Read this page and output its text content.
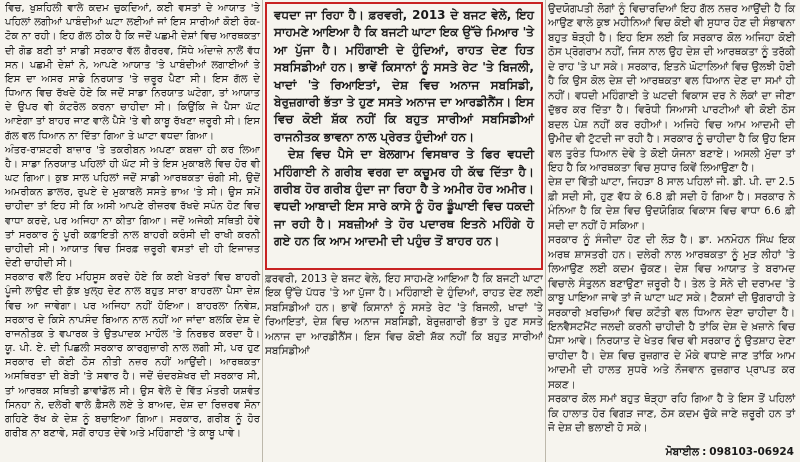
ਵਿਚ, ਖੁਸ਼ਹਿਲੀ ਵਾਲੇ ਕਦਮ ਚੁਕਦਿਆਂ, ਕਈ ਵਸਤਾਂ ਦੇ ਆਯਾਤ 'ਤੇ ਪਹਿਲਾਂ ਲਗੀਆਂ ਪਾਬੰਦੀਆਂ ਘਟਾ ਲਈਆਂ ਜਾਂ ਇਸ ਸਾਰੀਆਂ ਕੋਈ ਰੋਕ-ਟੋਕ ਨਾ ਰਹੀ। ਇਹ ਗੱਲ ਠੀਕ ਹੈ ਕਿ ਜਦੋਂ ਪਛਮੀ ਦੇਸ਼ਾਂ ਵਿਚ ਆਰਥਕਤਾ ਦੀ ਗੋਡ ਬਣੀ ਤਾਂ ਸਾਡੀ ਸਰਕਾਰ ਵੱਲ ਗੈਰਰਵ, ਸਿੱਧੇ ਅੰਦਾਜ਼ੇ ਨਾਲੋਂ ਵੱਧ ਸਨ। ਪਛਮੀ ਦੇਸ਼ਾਂ ਨੇ, ਆਪਣੇ ਆਯਾਤ 'ਤੇ ਪਾਬੰਦੀਆਂ ਲਗਾਈਆਂ ਤੇ ਇਸ ਦਾ ਅਸਰ ਸਾਡੇ ਨਿਰਯਾਤ 'ਤੇ ਜ਼ਰੂਰ ਪੈਣਾ ਸੀ। ਇਸ ਗੱਲ ਦੇ ਧਿਆਨ ਵਿਚ ਰੱਖਦੇ ਹੋਏ ਕਿ ਜਦੋਂ ਸਾਡਾ ਨਿਰਯਾਤ ਘਟੇਗਾ, ਤਾਂ ਆਯਾਤ ਦੇ ਉਪਰ ਵੀ ਕੰਟਰੋਲ ਕਰਨਾ ਚਾਹੀਦਾ ਸੀ। ਕਿਉਂਕਿ ਜੇ ਪੈਸਾ ਘੱਟ ਆਏਗਾ ਤਾਂ ਬਾਹਰ ਜਾਣ ਵਾਲੇ ਪੈਸੇ 'ਤੇ ਵੀ ਕਾਬੂ ਰੱਖਣਾ ਜ਼ਰੂਰੀ ਸੀ। ਇਸ ਗੱਲ ਵਲ ਧਿਆਨ ਨਾ ਦਿੱਤਾ ਗਿਆ ਤੇ ਘਾਟਾ ਵਧਦਾ ਗਿਆ।

ਅੰਤਰ-ਰਾਸ਼ਟਰੀ ਬਾਜ਼ਾਰ 'ਤੇ ਤਕਰੀਬਨ ਅਪਣਾ ਕਬਜ਼ਾ ਹੀ ਕਰ ਲਿਆ ਹੈ। ਸਾਡਾ ਨਿਰਯਾਤ ਪਹਿਲਾਂ ਹੀ ਘੱਟ ਸੀ ਤੇ ਇਸ ਮੁਕਾਬਲੇ ਵਿਚ ਹੋਰ ਵੀ ਘਟ ਗਿਆ। ਕੁਝ ਸਾਲ ਪਹਿਲਾਂ ਜਦੋਂ ਸਾਡੀ ਆਰਥਕਤਾ ਚੰਗੀ ਸੀ, ਉਦੋਂ ਅਮਰੀਕਨ ਡਾਲਰ, ਰੁਪਏ ਦੇ ਮੁਕਾਬਲੇ ਸਸਤੇ ਭਾਅ 'ਤੇ ਸੀ। ਉਸ ਸਮੇਂ ਚਾਹੀਦਾ ਤਾਂ ਇਹ ਸੀ ਕਿ ਅਸੀ ਆਪਣੇ ਰੀਜ਼ਰਵ ਰੱਖਦੇ ਸਪੰਨ ਹੋਣ ਵਿਚ ਵਾਧਾ ਕਰਦੇ, ਪਰ ਅਜਿਹਾ ਨਾ ਕੀਤਾ ਗਿਆ। ਜਦੋਂ ਅਜੇਕੀ ਸਥਿਤੀ ਹੋਵੇ ਤਾਂ ਸਰਕਾਰ ਨੂੰ ਪੂਰੀ ਕਫ਼ਾਇਤੀ ਨਾਲ ਬਾਹਰੀ ਕਰੰਸੀ ਦੀ ਰਾਖੀ ਕਰਨੀ ਚਾਹੀਦੀ ਸੀ। ਆਯਾਤ ਵਿਚ ਸਿਰਫ਼ ਜ਼ਰੂਰੀ ਵਸਤਾਂ ਦੀ ਹੀ ਇਜਾਜ਼ਤ ਦੇਣੀ ਚਾਹੀਦੀ ਸੀ।

ਸਰਕਾਰ ਵਲੋਂ ਇਹ ਮਹਿਸੂਸ ਕਰਦੇ ਹੋਏ ਕਿ ਕਈ ਖੇਤਰਾਂ ਵਿਚ ਬਾਹਰੀ ਪੂੰਜੀ ਲਾਉਣ ਦੀ ਕੁੱਝ ਖੁਲ੍ਹ ਦੇਣ ਨਾਲ ਬਹੁਤ ਸਾਰਾ ਬਾਹਰਲਾ ਪੈਸਾ ਦੇਸ਼ ਵਿਚ ਆ ਜਾਵੇਗਾ। ਪਰ ਅਜਿਹਾ ਨਹੀਂ ਹੋਇਆ। ਬਾਹਰਲਾ ਨਿਵੇਸ਼, ਸਰਕਾਰ ਦੇ ਕਿਸੇ ਨਾਪਸੰਦ ਬਿਆਨ ਨਾਲ ਨਹੀਂ ਆ ਜਾਂਦਾ ਬਲਕਿ ਦੇਸ਼ ਦੇ ਰਾਜਨੀਤਕ ਤੇ ਵਪਾਰਕ ਤੇ ਉਤਪਾਦਕ ਮਾਹੌਲ 'ਤੇ ਨਿਰਭਰ ਕਰਦਾ ਹੈ। ਯੂ. ਪੀ. ਏ. ਦੀ ਪਿਛਲੀ ਸਰਕਾਰ ਕਾਰਗੁਜ਼ਾਰੀ ਨਾਲ ਲਗੀ ਸੀ, ਪਰ ਹੁਣ ਸਰਕਾਰ ਦੀ ਕੋਈ ਠੋਸ ਨੀਤੀ ਨਜ਼ਰ ਨਹੀਂ ਆਉਂਦੀ। ਆਰਥਕਤਾ ਅਸਥਿਰਤਾ ਦੀ ਬੇੜੀ 'ਤੇ ਸਵਾਰ ਹੈ। ਜਦੋਂ ਚੰਦਰਸ਼ੇਖਰ ਦੀ ਸਰਕਾਰ ਸੀ, ਤਾਂ ਆਰਥਕ ਸਥਿਤੀ ਡਾਵਾਂਡੋਲ ਸੀ। ਉਸ ਵੇਲੇ ਦੇ ਵਿੱਤ ਮੰਤਰੀ ਯਸ਼ਵੰਤ ਸਿਨਹਾ ਨੇ, ਦਲੇਰੀ ਵਾਲੇ ਫ਼ੈਸਲੇ ਲਏ ਤੇ ਬਾਅਦ, ਦੇਸ਼ ਦਾ ਰਿਜ਼ਰਵ ਸੋਨਾ ਗਹਿਣੇ ਰੱਖ ਕੇ ਦੇਸ਼ ਨੂੰ ਬਚਾਇਆ ਗਿਆ। ਸਰਕਾਰ, ਗਰੀਬ ਨੂੰ ਹੋਰ ਗਰੀਬ ਨਾ ਬਣਾਵੇ, ਸਗੋਂ ਰਾਹਤ ਦੇਵੇ ਅਤੇ ਮਹਿੰਗਾਈ 'ਤੇ ਕਾਬੂ ਪਾਵੇ।

ਵਧਦਾ ਜਾ ਰਿਹਾ ਹੈ। ਫ਼ਰਵਰੀ, 2013 ਦੇ ਬਜਟ ਵੇਲੇ, ਇਹ ਸਾਹਮਣੇ ਆਇਆ ਹੈ ਕਿ ਬਜਟੀ ਘਾਟਾ ਇਕ ਉੱਚੇ ਮਿਆਰ 'ਤੇ ਆ ਪੁੱਜਾ ਹੈ। ਮਹਿੰਗਾਈ ਦੇ ਹੁੰਦਿਆਂ, ਰਾਹਤ ਦੇਣ ਹਿਤ ਸਬਸਿਡੀਆਂ ਹਨ। ਭਾਵੇਂ ਕਿਸਾਨਾਂ ਨੂੰ ਸਸਤੇ ਰੇਟ 'ਤੇ ਬਿਜਲੀ, ਖਾਦਾਂ 'ਤੇ ਰਿਆਇਤਾਂ, ਦੇਸ਼ ਵਿਚ ਅਨਾਜ ਸਬਸਿਡੀ, ਬੇਰੁਜ਼ਗਾਰੀ ਭੱਤਾ ਤੇ ਹੁਣ ਸਸਤੇ ਅਨਾਜ ਦਾ ਆਰਡੀਨੈਂਸ। ਇਸ ਵਿਚ ਕੋਈ ਸ਼ੱਕ ਨਹੀਂ ਕਿ ਬਹੁਤ ਸਾਰੀਆਂ ਸਬਸਿਡੀਆਂ ਰਾਜਨੀਤਕ ਭਾਵਨਾ ਨਾਲ ਪ੍ਰੇਰਤ ਹੁੰਦੀਆਂ ਹਨ।

ਦੇਸ਼ ਵਿਚ ਪੈਸੇ ਦਾ ਬੇਲਗਾਮ ਵਿਸਥਾਰ ਤੇ ਫਿਰ ਵਧਦੀ ਮਹਿੰਗਾਈ ਨੇ ਗਰੀਬ ਵਰਗ ਦਾ ਕਚੂਮਰ ਹੀ ਕੱਢ ਦਿੱਤਾ ਹੈ। ਗਰੀਬ ਹੋਰ ਗਰੀਬ ਹੁੰਦਾ ਜਾ ਰਿਹਾ ਹੈ ਤੇ ਅਮੀਰ ਹੋਰ ਅਮੀਰ। ਵਧਦੀ ਆਬਾਦੀ ਇਸ ਸਾਰੇ ਕਾਸੇ ਨੂੰ ਹੋਰ ਡੂੰਘਾਈ ਵਿਚ ਧਕਦੀ ਜਾ ਰਹੀ ਹੈ। ਸਬਜ਼ੀਆਂ ਤੇ ਹੋਰ ਪਦਾਰਥ ਇਤਨੇ ਮਹਿੰਗੇ ਹੋ ਗਏ ਹਨ ਕਿ ਆਮ ਆਦਮੀ ਦੀ ਪਹੁੰਚ ਤੋਂ ਬਾਹਰ ਹਨ।

ਫ਼ਰਵਰੀ, 2013 ਦੇ ਬਜਟ ਵੇਲੇ, ਇਹ ਸਾਹਮਣੇ ਆਇਆ ਹੈ ਕਿ ਬਜਟੀ ਘਾਟਾ ਇਕ ਉੱਚੇ ਪੱਧਰ 'ਤੇ ਆ ਪੁੱਜਾ ਹੈ। ਮਹਿੰਗਾਈ ਦੇ ਹੁੰਦਿਆਂ, ਰਾਹਤ ਦੇਣ ਲਈ ਸਬਸਿਡੀਆਂ ਹਨ। ਭਾਵੇਂ ਕਿਸਾਨਾਂ ਨੂੰ ਸਸਤੇ ਰੇਟ 'ਤੇ ਬਿਜਲੀ, ਖਾਦਾਂ 'ਤੇ ਰਿਆਇਤਾਂ, ਦੇਸ਼ ਵਿਚ ਅਨਾਜ ਸਬਸਿਡੀ, ਬੇਰੁਜ਼ਗਾਰੀ ਭੱਤਾ ਤੇ ਹੁਣ ਸਸਤੇ ਅਨਾਜ ਦਾ ਆਰਡੀਨੈਂਸ। ਇਸ ਵਿਚ ਕੋਈ ਸ਼ੱਕ ਨਹੀਂ ਕਿ ਬਹੁਤ ਸਾਰੀਆਂ ਸਬਸਿਡੀਆਂ

ਉਦਯੋਗਪਤੀ ਲੋਗਾਂ ਨੂੰ ਵਿਚਾਰਦਿਆਂ ਇਹ ਗੱਲ ਨਜ਼ਰ ਆਉਂਦੀ ਹੈ ਕਿ ਆਉਣ ਵਾਲੇ ਕੁਝ ਮਹੀਨਿਆਂ ਵਿਚ ਕੋਈ ਵੀ ਸੁਧਾਰ ਹੋਣ ਦੀ ਸੰਭਾਵਨਾ ਬਹੁਤ ਥੋੜ੍ਹੀ ਹੈ। ਇਹ ਇਸ ਲਈ ਕਿ ਸਰਕਾਰ ਕੋਲ ਅਜਿਹਾ ਕੋਈ ਠੋਸ ਪ੍ਰੋਗਰਾਮ ਨਹੀਂ, ਜਿਸ ਨਾਲ ਉਹ ਦੇਸ਼ ਦੀ ਆਰਥਕਤਾ ਨੂੰ ਤਰੱਕੀ ਦੇ ਰਾਹ 'ਤੇ ਪਾ ਸਕੇ। ਸਰਕਾਰ, ਇਤਨੇ ਘੋਟਾਲਿਆਂ ਵਿਚ ਉਲਝੀ ਹੋਈ ਹੈ ਕਿ ਉਸ ਕੋਲ ਦੇਸ਼ ਦੀ ਆਰਥਕਤਾ ਵਲ ਧਿਆਨ ਦੇਣ ਦਾ ਸਮਾਂ ਹੀ ਨਹੀਂ। ਵਧਦੀ ਮਹਿੰਗਾਈ ਤੇ ਘਟਦੀ ਵਿਕਾਸ ਦਰ ਨੇ ਲੋਕਾਂ ਦਾ ਜੀਣਾ ਦੁੱਭਰ ਕਰ ਦਿੱਤਾ ਹੈ। ਵਿਰੋਧੀ ਸਿਆਸੀ ਪਾਰਟੀਆਂ ਵੀ ਕੋਈ ਠੋਸ ਬਦਲ ਪੇਸ਼ ਨਹੀਂ ਕਰ ਰਹੀਆਂ। ਅਜਿਹੇ ਵਿਚ ਆਮ ਆਦਮੀ ਦੀ ਉਮੀਦ ਵੀ ਟੁੱਟਦੀ ਜਾ ਰਹੀ ਹੈ। ਸਰਕਾਰ ਨੂੰ ਚਾਹੀਦਾ ਹੈ ਕਿ ਉਹ ਇਸ ਵਲ ਤੁਰੰਤ ਧਿਆਨ ਦੇਵੇ ਤੇ ਕੋਈ ਯੋਜਨਾ ਬਣਾਏ। ਅਸਲੀ ਮੁੱਦਾ ਤਾਂ ਇਹ ਹੈ ਕਿ ਆਰਥਕਤਾ ਵਿਚ ਸੁਧਾਰ ਕਿਵੇਂ ਲਿਆਉਣਾ ਹੈ।

ਦੇਸ਼ ਦਾ ਵਿੱਤੀ ਘਾਟਾ, ਜਿਹੜਾ 8 ਸਾਲ ਪਹਿਲਾਂ ਜੀ. ਡੀ. ਪੀ. ਦਾ 2.5 ਫ਼ੀ ਸਦੀ ਸੀ, ਹੁਣ ਵੱਧ ਕੇ 6.8 ਫ਼ੀ ਸਦੀ ਹੋ ਗਿਆ ਹੈ। ਸਰਕਾਰ ਨੇ ਮੰਨਿਆ ਹੈ ਕਿ ਦੇਸ਼ ਵਿਚ ਉਦਯੋਗਿਕ ਵਿਕਾਸ ਵਿਚ ਵਾਧਾ 6.6 ਫ਼ੀ ਸਦੀ ਦਾ ਨਹੀਂ ਹੋ ਸਕਿਆ।

ਸਰਕਾਰ ਨੂੰ ਸੰਜੀਦਾ ਹੋਣ ਦੀ ਲੋੜ ਹੈ। ਡਾ. ਮਨਮੋਹਨ ਸਿੰਘ ਇਕ ਅਰਥ ਸ਼ਾਸਤਰੀ ਹਨ। ਦਲੇਰੀ ਨਾਲ ਆਰਥਕਤਾ ਨੂੰ ਮੁੜ ਲੀਹਾਂ 'ਤੇ ਲਿਆਉਣ ਲਈ ਕਦਮ ਚੁੱਕਣ। ਦੇਸ਼ ਵਿਚ ਆਯਾਤ ਤੇ ਬਰਾਮਦ ਵਿਚਾਲੇ ਸੰਤੁਲਨ ਬਣਾਉਣਾ ਜ਼ਰੂਰੀ ਹੈ। ਤੇਲ ਤੇ ਸੋਨੇ ਦੀ ਦਰਾਮਦ 'ਤੇ ਕਾਬੂ ਪਾਇਆ ਜਾਵੇ ਤਾਂ ਜੋ ਘਾਟਾ ਘਟ ਸਕੇ। ਟੈਕਸਾਂ ਦੀ ਉਗਰਾਹੀ ਤੇ ਸਰਕਾਰੀ ਖ਼ਰਚਿਆਂ ਵਿਚ ਕਟੌਤੀ ਵਲ ਧਿਆਨ ਦੇਣਾ ਚਾਹੀਦਾ ਹੈ। ਇਨਵੈਸਟਮੈਂਟ ਜਲਦੀ ਕਰਨੀ ਚਾਹੀਦੀ ਹੈ ਤਾਂਕਿ ਦੇਸ਼ ਦੇ ਖ਼ਜ਼ਾਨੇ ਵਿਚ ਪੈਸਾ ਆਵੇ। ਨਿਰਯਾਤ ਦੇ ਖੇਤਰ ਵਿਚ ਵੀ ਸਰਕਾਰ ਨੂੰ ਉਤਸ਼ਾਹ ਦੇਣਾ ਚਾਹੀਦਾ ਹੈ। ਦੇਸ਼ ਵਿਚ ਰੁਜ਼ਗਾਰ ਦੇ ਮੌਕੇ ਵਧਾਏ ਜਾਣ ਤਾਂਕਿ ਆਮ ਆਦਮੀ ਦੀ ਹਾਲਤ ਸੁਧਰੇ ਅਤੇ ਨੌਜਵਾਨ ਰੁਜ਼ਗਾਰ ਪ੍ਰਾਪਤ ਕਰ ਸਕਣ।

ਸਰਕਾਰ ਕੋਲ ਸਮਾਂ ਬਹੁਤ ਥੋੜ੍ਹਾ ਰਹਿ ਗਿਆ ਹੈ ਤੇ ਇਸ ਤੋਂ ਪਹਿਲਾਂ ਕਿ ਹਾਲਾਤ ਹੋਰ ਵਿਗੜ ਜਾਣ, ਠੋਸ ਕਦਮ ਚੁੱਕੇ ਜਾਣੇ ਜ਼ਰੂਰੀ ਹਨ ਤਾਂ ਜੋ ਦੇਸ਼ ਦੀ ਭਲਾਈ ਹੋ ਸਕੇ।

ਮੋਬਾਈਲ : 098103-06924
